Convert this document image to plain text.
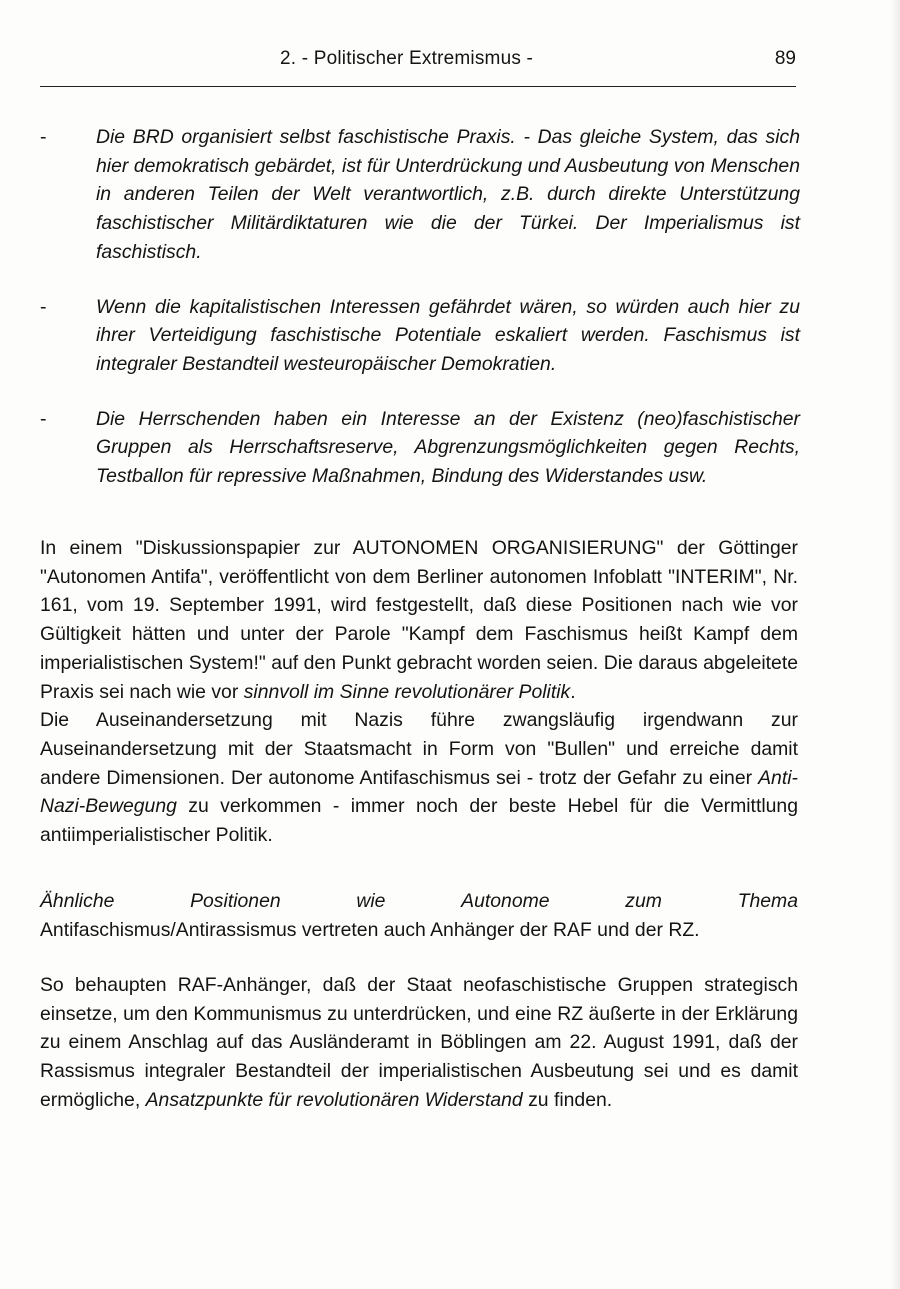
2. - Politischer Extremismus -	89
-	Die BRD organisiert selbst faschistische Praxis. - Das gleiche System, das sich hier demokratisch gebärdet, ist für Unterdrückung und Ausbeutung von Menschen in anderen Teilen der Welt verantwortlich, z.B. durch direkte Unterstützung faschistischer Militärdiktaturen wie die der Türkei. Der Imperialismus ist faschistisch.
-	Wenn die kapitalistischen Interessen gefährdet wären, so würden auch hier zu ihrer Verteidigung faschistische Potentiale eskaliert werden. Faschismus ist integraler Bestandteil westeuropäischer Demokratien.
-	Die Herrschenden haben ein Interesse an der Existenz (neo)faschistischer Gruppen als Herrschaftsreserve, Abgrenzungsmöglichkeiten gegen Rechts, Testballon für repressive Maßnahmen, Bindung des Widerstandes usw.

In einem "Diskussionspapier zur AUTONOMEN ORGANISIERUNG" der Göttinger "Autonomen Antifa", veröffentlicht von dem Berliner autonomen Infoblatt "INTERIM", Nr. 161, vom 19. September 1991, wird festgestellt, daß diese Positionen nach wie vor Gültigkeit hätten und unter der Parole "Kampf dem Faschismus heißt Kampf dem imperialistischen System!" auf den Punkt gebracht worden seien. Die daraus abgeleitete Praxis sei nach wie vor sinnvoll im Sinne revolutionärer Politik.

Die Auseinandersetzung mit Nazis führe zwangsläufig irgendwann zur Auseinandersetzung mit der Staatsmacht in Form von "Bullen" und erreiche damit andere Dimensionen. Der autonome Antifaschismus sei - trotz der Gefahr zu einer Anti-Nazi-Bewegung zu verkommen - immer noch der beste Hebel für die Vermittlung antiimperialistischer Politik.

Ähnliche	Positionen	wie	Autonome	zum	Thema
Antifaschismus/Antirassismus vertreten auch Anhänger der RAF und der RZ.

So behaupten RAF-Anhänger, daß der Staat neofaschistische Gruppen strategisch einsetze, um den Kommunismus zu unterdrücken, und eine RZ äußerte in der Erklärung zu einem Anschlag auf das Ausländeramt in Böblingen am 22. August 1991, daß der Rassismus integraler Bestandteil der imperialistischen Ausbeutung sei und es damit ermögliche, Ansatzpunkte für revolutionären Widerstand zu finden.
